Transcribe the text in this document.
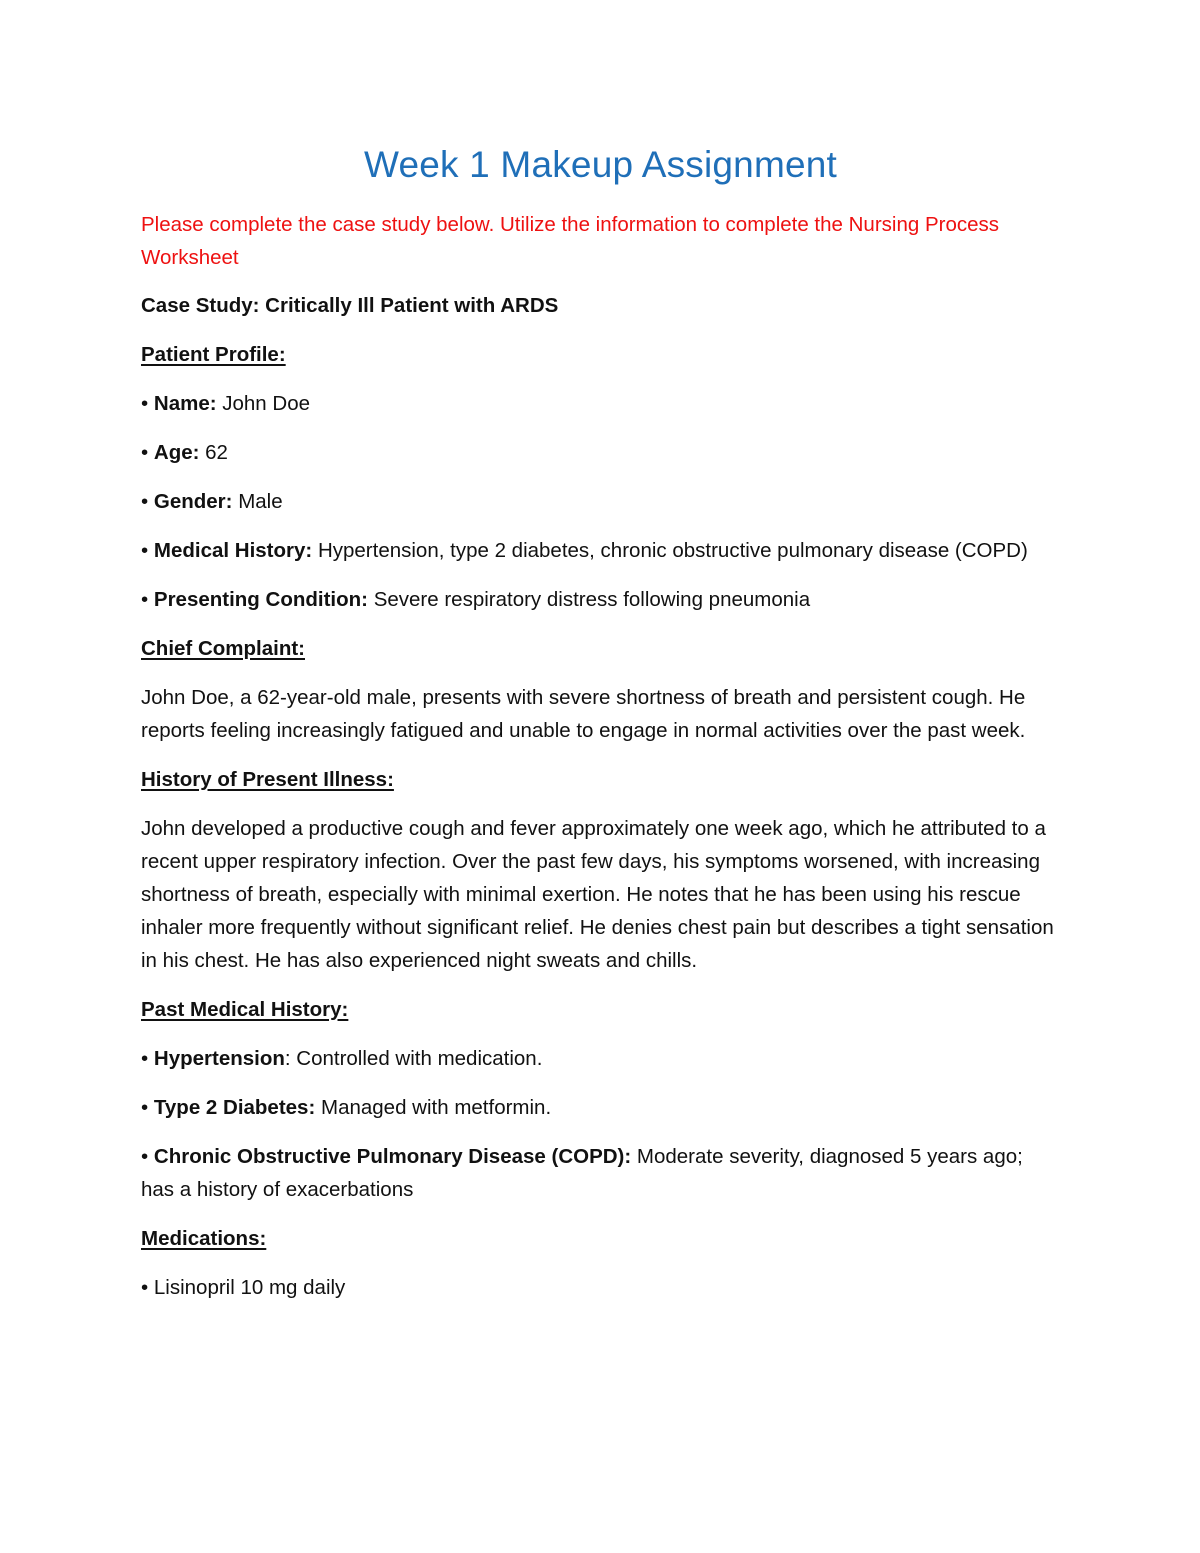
Week 1 Makeup Assignment

Please complete the case study below. Utilize the information to complete the Nursing Process Worksheet

Case Study: Critically Ill Patient with ARDS

Patient Profile:

• Name: John Doe

• Age: 62

• Gender: Male

• Medical History: Hypertension, type 2 diabetes, chronic obstructive pulmonary disease (COPD)

• Presenting Condition: Severe respiratory distress following pneumonia

Chief Complaint:

John Doe, a 62-year-old male, presents with severe shortness of breath and persistent cough. He reports feeling increasingly fatigued and unable to engage in normal activities over the past week.

History of Present Illness:

John developed a productive cough and fever approximately one week ago, which he attributed to a recent upper respiratory infection. Over the past few days, his symptoms worsened, with increasing shortness of breath, especially with minimal exertion. He notes that he has been using his rescue inhaler more frequently without significant relief. He denies chest pain but describes a tight sensation in his chest. He has also experienced night sweats and chills.

Past Medical History:

• Hypertension: Controlled with medication.

• Type 2 Diabetes: Managed with metformin.

• Chronic Obstructive Pulmonary Disease (COPD): Moderate severity, diagnosed 5 years ago; has a history of exacerbations

Medications:

• Lisinopril 10 mg daily
